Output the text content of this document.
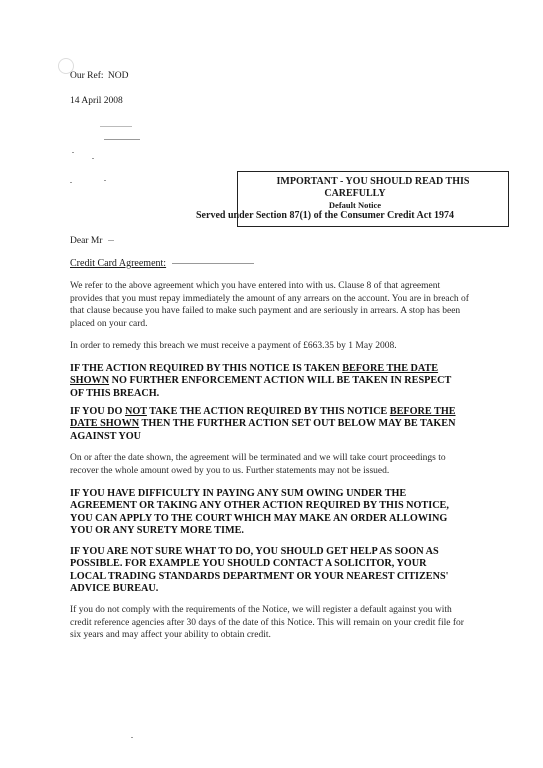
Our Ref: NOD
14 April 2008
IMPORTANT - YOU SHOULD READ THIS
CAREFULLY
Default Notice
Served under Section 87(1) of the Consumer Credit Act 1974
Dear Mr
Credit Card Agreement:
We refer to the above agreement which you have entered into with us. Clause 8 of that agreement provides that you must repay immediately the amount of any arrears on the account. You are in breach of that clause because you have failed to make such payment and are seriously in arrears. A stop has been placed on your card.
In order to remedy this breach we must receive a payment of £663.35 by 1 May 2008.
IF THE ACTION REQUIRED BY THIS NOTICE IS TAKEN BEFORE THE DATE SHOWN NO FURTHER ENFORCEMENT ACTION WILL BE TAKEN IN RESPECT OF THIS BREACH.
IF YOU DO NOT TAKE THE ACTION REQUIRED BY THIS NOTICE BEFORE THE DATE SHOWN THEN THE FURTHER ACTION SET OUT BELOW MAY BE TAKEN AGAINST YOU
On or after the date shown, the agreement will be terminated and we will take court proceedings to recover the whole amount owed by you to us. Further statements may not be issued.
IF YOU HAVE DIFFICULTY IN PAYING ANY SUM OWING UNDER THE AGREEMENT OR TAKING ANY OTHER ACTION REQUIRED BY THIS NOTICE, YOU CAN APPLY TO THE COURT WHICH MAY MAKE AN ORDER ALLOWING YOU OR ANY SURETY MORE TIME.
IF YOU ARE NOT SURE WHAT TO DO, YOU SHOULD GET HELP AS SOON AS POSSIBLE. FOR EXAMPLE YOU SHOULD CONTACT A SOLICITOR, YOUR LOCAL TRADING STANDARDS DEPARTMENT OR YOUR NEAREST CITIZENS' ADVICE BUREAU.
If you do not comply with the requirements of the Notice, we will register a default against you with credit reference agencies after 30 days of the date of this Notice. This will remain on your credit file for six years and may affect your ability to obtain credit.
